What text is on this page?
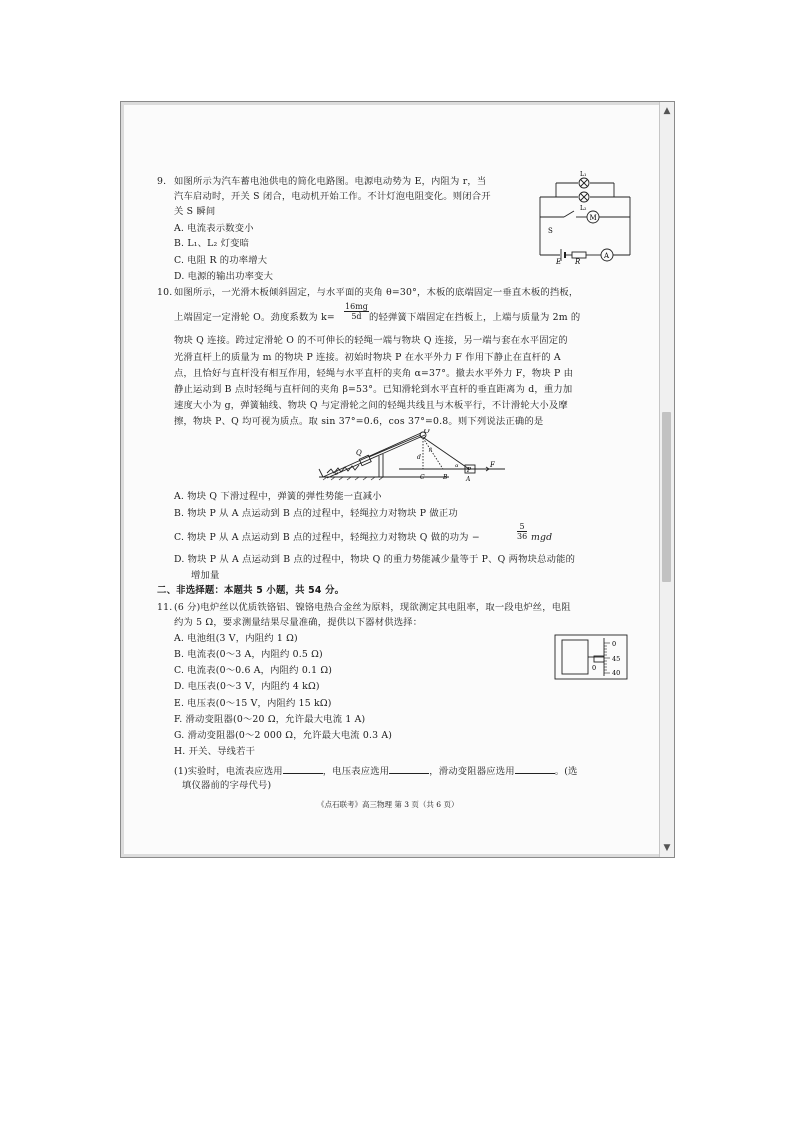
9. 如图所示为汽车蓄电池供电的简化电路图。电源电动势为 E，内阻为 r，当
汽车启动时，开关 S 闭合，电动机开始工作。不计灯泡电阻变化。则闭合开
关 S 瞬间
A. 电流表示数变小
B. L₁、L₂ 灯变暗
C. 电阻 R 的功率增大
D. 电源的输出功率变大
L₁
L₂
M
S
E R
A
10. 如图所示，一光滑木板倾斜固定，与水平面的夹角 θ=30°，木板的底端固定一垂直木板的挡板，
上端固定一定滑轮 O。劲度系数为 $k= \frac{16mg}{5d}$ 的轻弹簧下端固定在挡板上，上端与质量为 2m 的
物块 Q 连接。跨过定滑轮 O 的不可伸长的轻绳一端与物块 Q 连接，另一端与套在水平固定的
光滑直杆上的质量为 m 的物块 P 连接。初始时物块 P 在水平外力 F 作用下静止在直杆的 A
点，且恰好与直杆没有相互作用，轻绳与水平直杆的夹角 α=37°。撤去水平外力 F，物块 P 由
静止运动到 B 点时轻绳与直杆间的夹角 β=53°。已知滑轮到水平直杆的垂直距离为 d，重力加
速度大小为 g，弹簧轴线、物块 Q 与定滑轮之间的轻绳共线且与木板平行，不计滑轮大小及摩
擦，物块 P、Q 均可视为质点。取 sin 37°=0.6，cos 37°=0.8。则下列说法正确的是
O
Q
P
F
A
B
C
d
β
α
θ
A. 物块 Q 下滑过程中，弹簧的弹性势能一直减小
B. 物块 P 从 A 点运动到 B 点的过程中，轻绳拉力对物块 P 做正功
C. 物块 P 从 A 点运动到 B 点的过程中，轻绳拉力对物块 Q 做的功为 −	$\frac{5}{36}$ mgd
D. 物块 P 从 A 点运动到 B 点的过程中，物块 Q 的重力势能减少量等于 P、Q 两物块总动能的
增加量
二、非选择题：本题共 5 小题，共 54 分。
11. (6 分)电炉丝以优质铁铬铝、镍铬电热合金丝为原料，现欲测定其电阻率，取一段电炉丝，电阻
约为 5 Ω，要求测量结果尽量准确，提供以下器材供选择：
A. 电池组(3 V，内阻约 1 Ω)
B. 电流表(0～3 A，内阻约 0.5 Ω)
C. 电流表(0～0.6 A，内阻约 0.1 Ω)
D. 电压表(0～3 V，内阻约 4 kΩ)
E. 电压表(0～15 V，内阻约 15 kΩ)
F. 滑动变阻器(0～20 Ω，允许最大电流 1 A)
G. 滑动变阻器(0～2 000 Ω，允许最大电流 0.3 A)
H. 开关、导线若干
(1)实验时，电流表应选用	，电压表应选用	，滑动变阻器应选用	。(选
填仪器前的字母代号)
0
45
40
0
《点石联考》高三物理 第 3 页（共 6 页）
▲
▼
